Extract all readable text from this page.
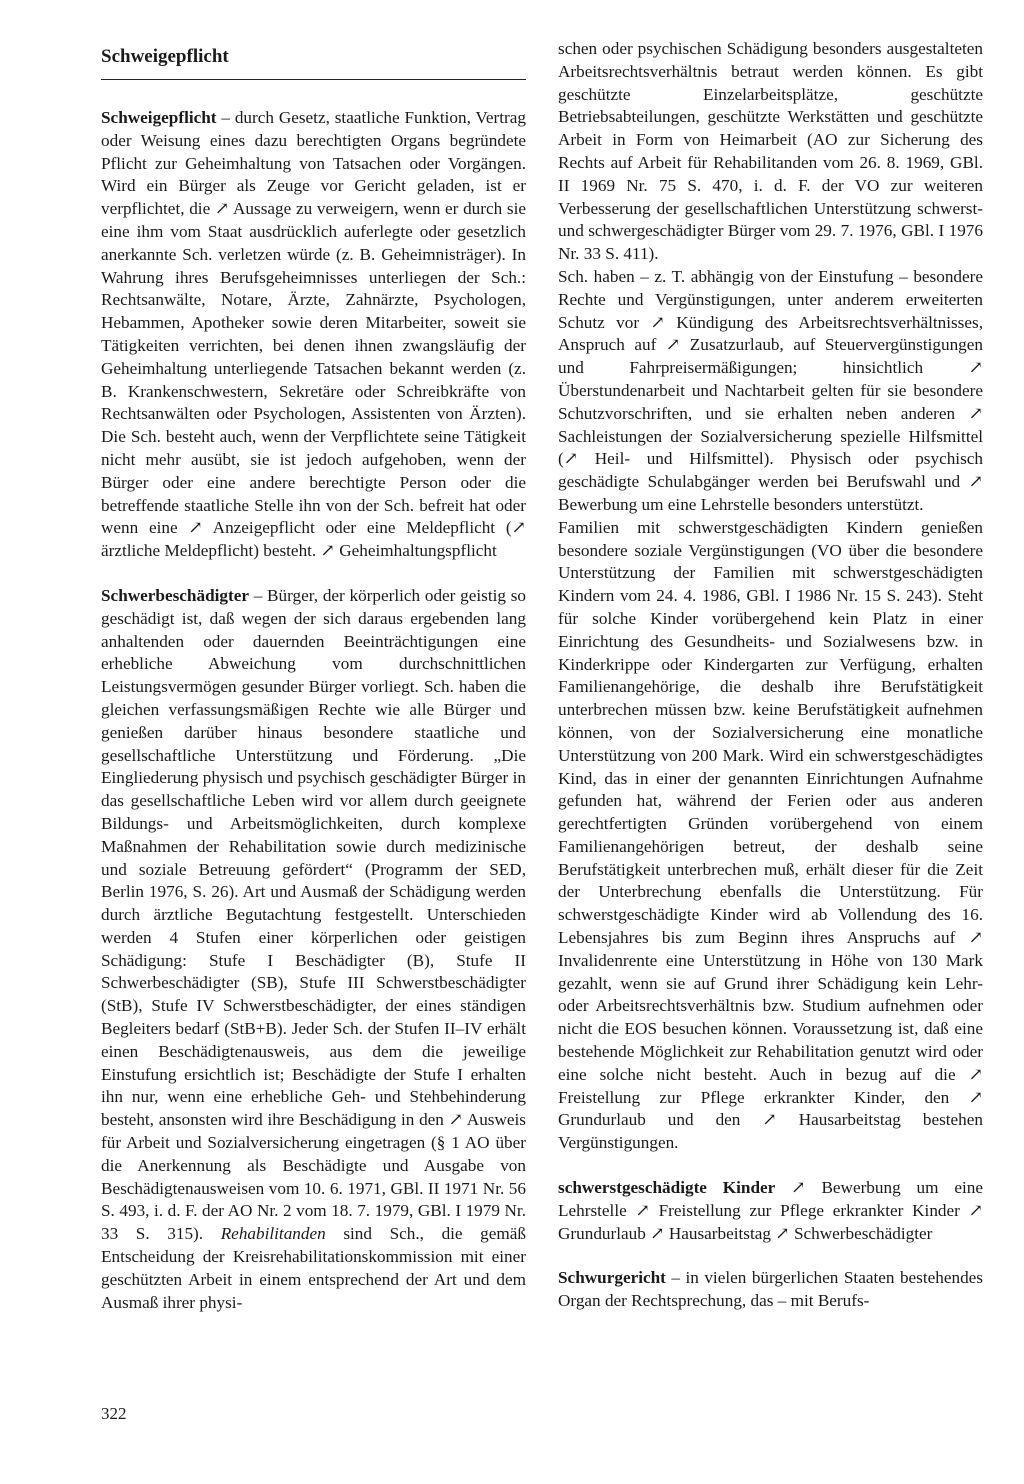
Schweigepflicht

Schweigepflicht – durch Gesetz, staatliche Funktion, Vertrag oder Weisung eines dazu berechtigten Organs begründete Pflicht zur Geheimhaltung von Tatsachen oder Vorgängen. Wird ein Bürger als Zeuge vor Gericht geladen, ist er verpflichtet, die ↗ Aussage zu verweigern, wenn er durch sie eine ihm vom Staat ausdrücklich auferlegte oder gesetzlich anerkannte Sch. verletzen würde (z. B. Geheimnisträger). In Wahrung ihres Berufsgeheimnisses unterliegen der Sch.: Rechtsanwälte, Notare, Ärzte, Zahnärzte, Psychologen, Hebammen, Apotheker sowie deren Mitarbeiter, soweit sie Tätigkeiten verrichten, bei denen ihnen zwangsläufig der Geheimhaltung unterliegende Tatsachen bekannt werden (z. B. Krankenschwestern, Sekretäre oder Schreibkräfte von Rechtsanwälten oder Psychologen, Assistenten von Ärzten). Die Sch. besteht auch, wenn der Verpflichtete seine Tätigkeit nicht mehr ausübt, sie ist jedoch aufgehoben, wenn der Bürger oder eine andere berechtigte Person oder die betreffende staatliche Stelle ihn von der Sch. befreit hat oder wenn eine ↗ Anzeigepflicht oder eine Meldepflicht (↗ ärztliche Meldepflicht) besteht. ↗ Geheimhaltungspflicht

Schwerbeschädigter – Bürger, der körperlich oder geistig so geschädigt ist, daß wegen der sich daraus ergebenden lang anhaltenden oder dauernden Beeinträchtigungen eine erhebliche Abweichung vom durchschnittlichen Leistungsvermögen gesunder Bürger vorliegt. Sch. haben die gleichen verfassungsmäßigen Rechte wie alle Bürger und genießen darüber hinaus besondere staatliche und gesellschaftliche Unterstützung und Förderung. „Die Eingliederung physisch und psychisch geschädigter Bürger in das gesellschaftliche Leben wird vor allem durch geeignete Bildungs- und Arbeitsmöglichkeiten, durch komplexe Maßnahmen der Rehabilitation sowie durch medizinische und soziale Betreuung gefördert“ (Programm der SED, Berlin 1976, S. 26). Art und Ausmaß der Schädigung werden durch ärztliche Begutachtung festgestellt. Unterschieden werden 4 Stufen einer körperlichen oder geistigen Schädigung: Stufe I Beschädigter (B), Stufe II Schwerbeschädigter (SB), Stufe III Schwerstbeschädigter (StB), Stufe IV Schwerstbeschädigter, der eines ständigen Begleiters bedarf (StB+B). Jeder Sch. der Stufen II–IV erhält einen Beschädigtenausweis, aus dem die jeweilige Einstufung ersichtlich ist; Beschädigte der Stufe I erhalten ihn nur, wenn eine erhebliche Geh- und Stehbehinderung besteht, ansonsten wird ihre Beschädigung in den ↗ Ausweis für Arbeit und Sozialversicherung eingetragen (§ 1 AO über die Anerkennung als Beschädigte und Ausgabe von Beschädigtenausweisen vom 10. 6. 1971, GBl. II 1971 Nr. 56 S. 493, i. d. F. der AO Nr. 2 vom 18. 7. 1979, GBl. I 1979 Nr. 33 S. 315). Rehabilitanden sind Sch., die gemäß Entscheidung der Kreisrehabilitationskommission mit einer geschützten Arbeit in einem entsprechend der Art und dem Ausmaß ihrer physi-

schen oder psychischen Schädigung besonders ausgestalteten Arbeitsrechtsverhältnis betraut werden können. Es gibt geschützte Einzelarbeitsplätze, geschützte Betriebsabteilungen, geschützte Werkstätten und geschützte Arbeit in Form von Heimarbeit (AO zur Sicherung des Rechts auf Arbeit für Rehabilitanden vom 26. 8. 1969, GBl. II 1969 Nr. 75 S. 470, i. d. F. der VO zur weiteren Verbesserung der gesellschaftlichen Unterstützung schwerst- und schwergeschädigter Bürger vom 29. 7. 1976, GBl. I 1976 Nr. 33 S. 411).

Sch. haben – z. T. abhängig von der Einstufung – besondere Rechte und Vergünstigungen, unter anderem erweiterten Schutz vor ↗ Kündigung des Arbeitsrechtsverhältnisses, Anspruch auf ↗ Zusatzurlaub, auf Steuervergünstigungen und Fahrpreisermäßigungen; hinsichtlich ↗ Überstundenarbeit und Nachtarbeit gelten für sie besondere Schutzvorschriften, und sie erhalten neben anderen ↗ Sachleistungen der Sozialversicherung spezielle Hilfsmittel (↗ Heil- und Hilfsmittel). Physisch oder psychisch geschädigte Schulabgänger werden bei Berufswahl und ↗ Bewerbung um eine Lehrstelle besonders unterstützt.

Familien mit schwerstgeschädigten Kindern genießen besondere soziale Vergünstigungen (VO über die besondere Unterstützung der Familien mit schwerstgeschädigten Kindern vom 24. 4. 1986, GBl. I 1986 Nr. 15 S. 243). Steht für solche Kinder vorübergehend kein Platz in einer Einrichtung des Gesundheits- und Sozialwesens bzw. in Kinderkrippe oder Kindergarten zur Verfügung, erhalten Familienangehörige, die deshalb ihre Berufstätigkeit unterbrechen müssen bzw. keine Berufstätigkeit aufnehmen können, von der Sozialversicherung eine monatliche Unterstützung von 200 Mark. Wird ein schwerstgeschädigtes Kind, das in einer der genannten Einrichtungen Aufnahme gefunden hat, während der Ferien oder aus anderen gerechtfertigten Gründen vorübergehend von einem Familienangehörigen betreut, der deshalb seine Berufstätigkeit unterbrechen muß, erhält dieser für die Zeit der Unterbrechung ebenfalls die Unterstützung. Für schwerstgeschädigte Kinder wird ab Vollendung des 16. Lebensjahres bis zum Beginn ihres Anspruchs auf ↗ Invalidenrente eine Unterstützung in Höhe von 130 Mark gezahlt, wenn sie auf Grund ihrer Schädigung kein Lehr- oder Arbeitsrechtsverhältnis bzw. Studium aufnehmen oder nicht die EOS besuchen können. Voraussetzung ist, daß eine bestehende Möglichkeit zur Rehabilitation genutzt wird oder eine solche nicht besteht. Auch in bezug auf die ↗ Freistellung zur Pflege erkrankter Kinder, den ↗ Grundurlaub und den ↗ Hausarbeitstag bestehen Vergünstigungen.

schwerstgeschädigte Kinder ↗ Bewerbung um eine Lehrstelle ↗ Freistellung zur Pflege erkrankter Kinder ↗ Grundurlaub ↗ Hausarbeitstag ↗ Schwerbeschädigter

Schwurgericht – in vielen bürgerlichen Staaten bestehendes Organ der Rechtsprechung, das – mit Berufs-

322
